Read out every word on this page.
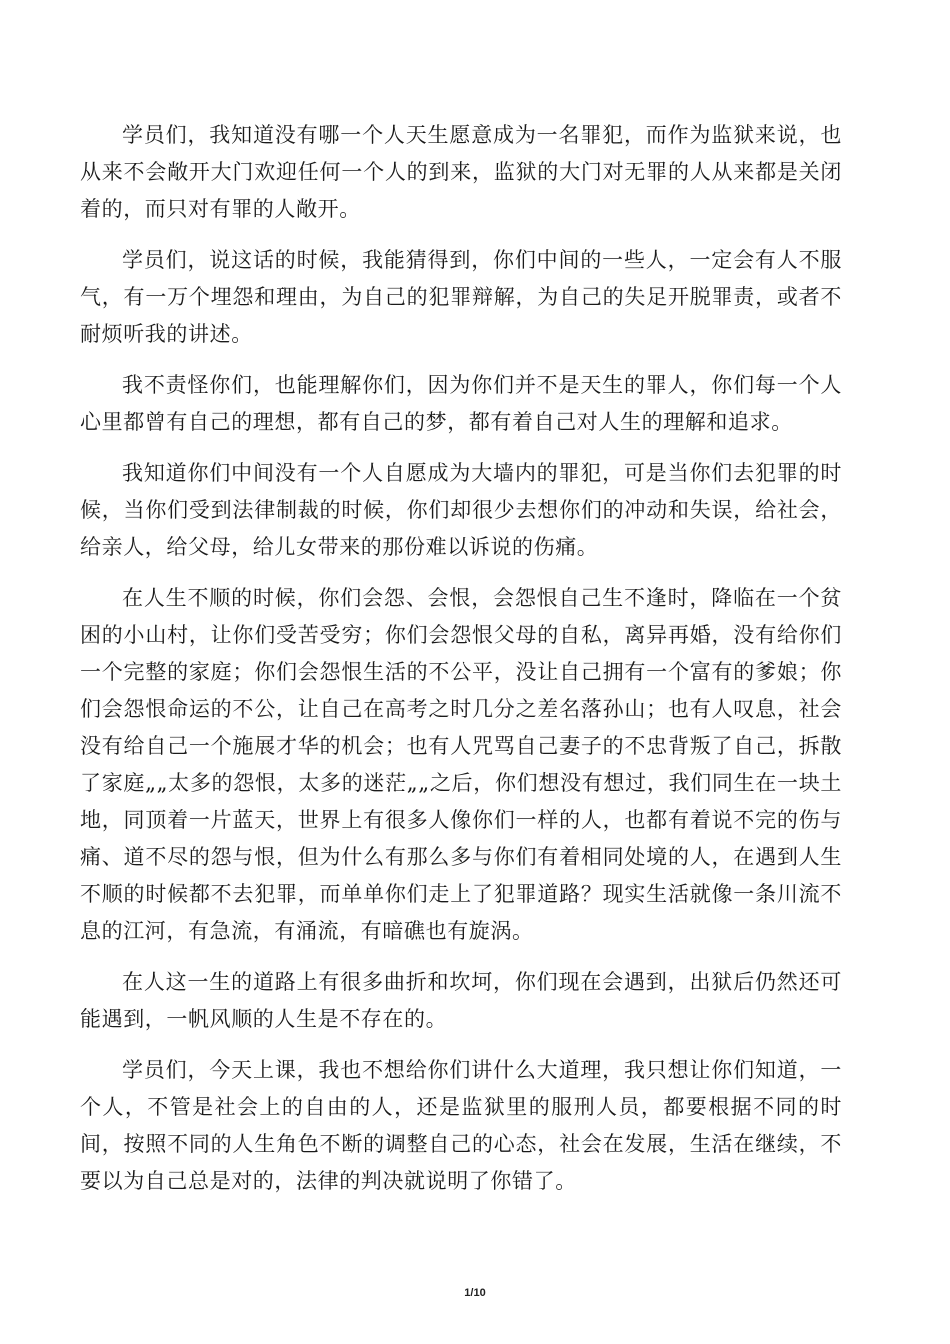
学员们，我知道没有哪一个人天生愿意成为一名罪犯，而作为监狱来说，也从来不会敞开大门欢迎任何一个人的到来，监狱的大门对无罪的人从来都是关闭着的，而只对有罪的人敞开。

学员们，说这话的时候，我能猜得到，你们中间的一些人，一定会有人不服气，有一万个埋怨和理由，为自己的犯罪辩解，为自己的失足开脱罪责，或者不耐烦听我的讲述。

我不责怪你们，也能理解你们，因为你们并不是天生的罪人，你们每一个人心里都曾有自己的理想，都有自己的梦，都有着自己对人生的理解和追求。

我知道你们中间没有一个人自愿成为大墙内的罪犯，可是当你们去犯罪的时候，当你们受到法律制裁的时候，你们却很少去想你们的冲动和失误，给社会，给亲人，给父母，给儿女带来的那份难以诉说的伤痛。

在人生不顺的时候，你们会怨、会恨，会怨恨自己生不逢时，降临在一个贫困的小山村，让你们受苦受穷；你们会怨恨父母的自私，离异再婚，没有给你们一个完整的家庭；你们会怨恨生活的不公平，没让自己拥有一个富有的爹娘；你们会怨恨命运的不公，让自己在高考之时几分之差名落孙山；也有人叹息，社会没有给自己一个施展才华的机会；也有人咒骂自己妻子的不忠背叛了自己，拆散了家庭„„太多的怨恨，太多的迷茫„„之后，你们想没有想过，我们同生在一块土地，同顶着一片蓝天，世界上有很多人像你们一样的人，也都有着说不完的伤与痛、道不尽的怨与恨，但为什么有那么多与你们有着相同处境的人，在遇到人生不顺的时候都不去犯罪，而单单你们走上了犯罪道路？现实生活就像一条川流不息的江河，有急流，有涌流，有暗礁也有旋涡。

在人这一生的道路上有很多曲折和坎坷，你们现在会遇到，出狱后仍然还可能遇到，一帆风顺的人生是不存在的。

学员们，今天上课，我也不想给你们讲什么大道理，我只想让你们知道，一个人，不管是社会上的自由的人，还是监狱里的服刑人员，都要根据不同的时间，按照不同的人生角色不断的调整自己的心态，社会在发展，生活在继续，不要以为自己总是对的，法律的判决就说明了你错了。

1/10
